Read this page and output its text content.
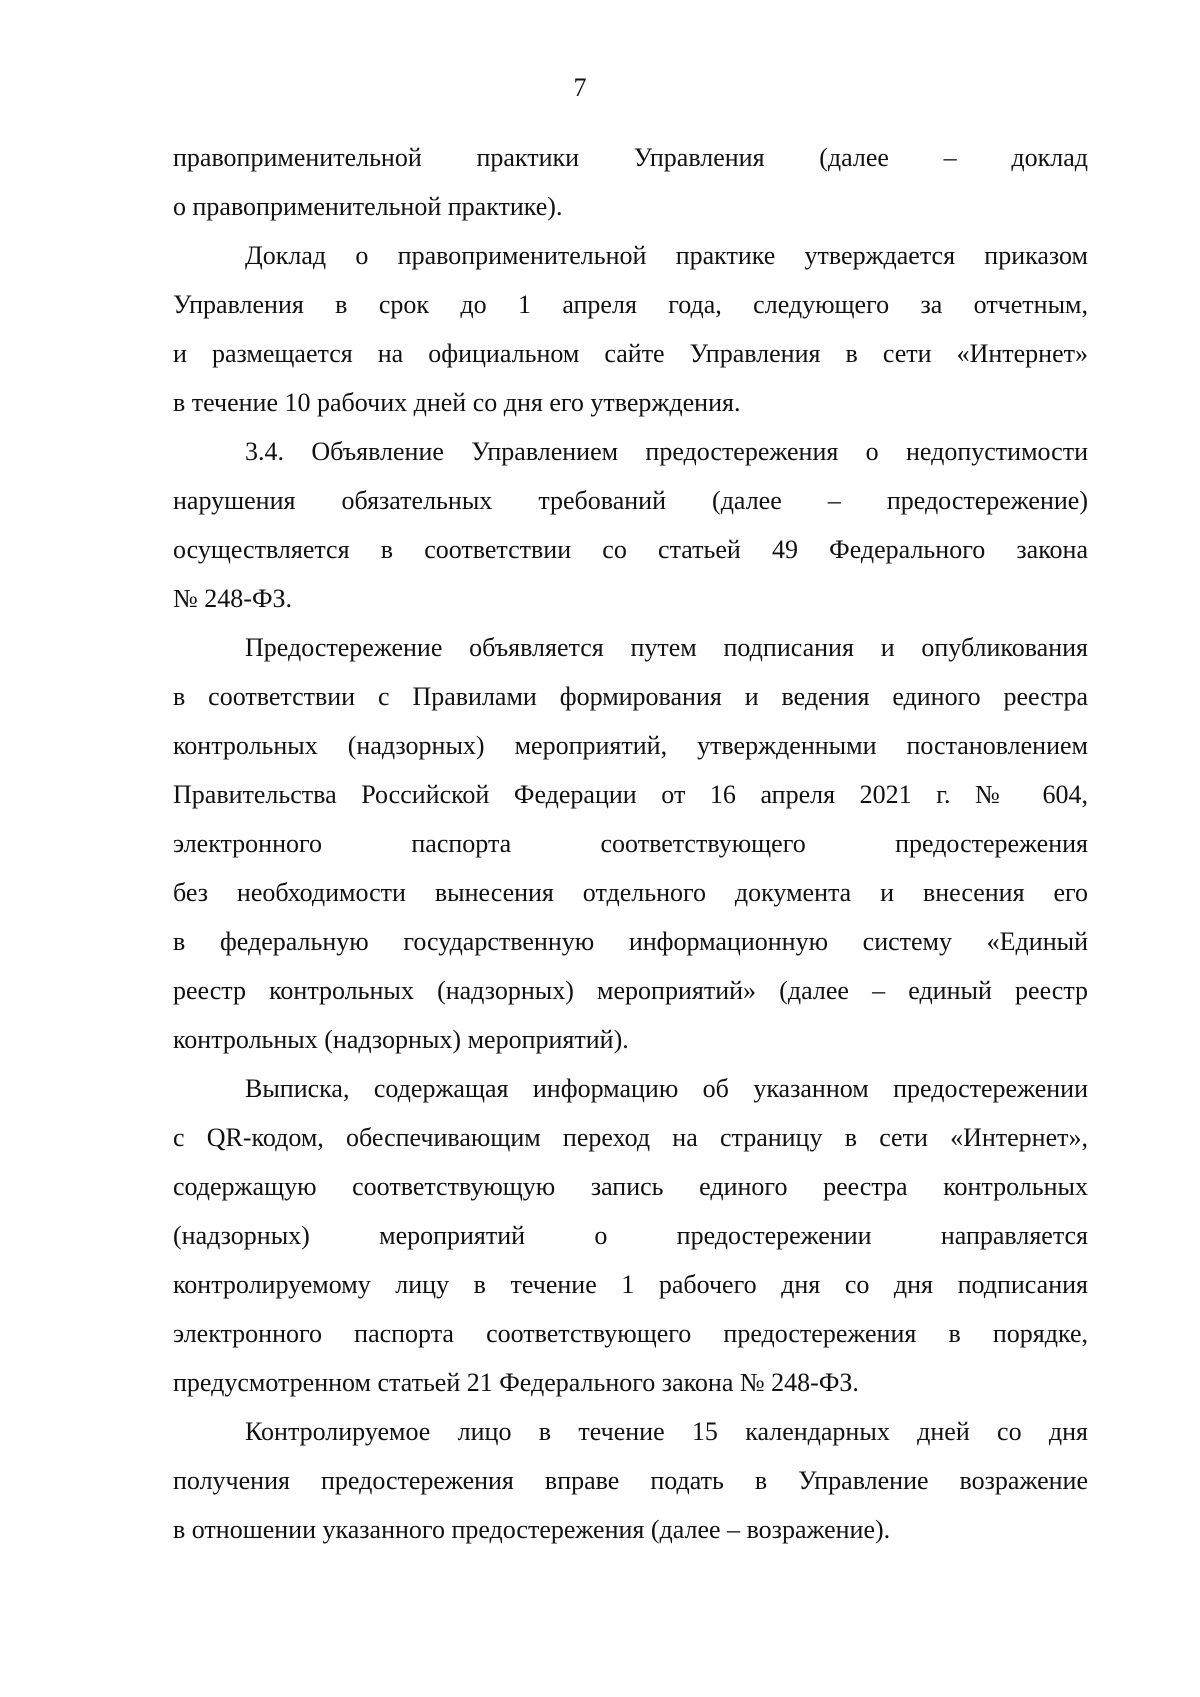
7
правоприменительной практики Управления (далее – доклад
о правоприменительной практике).
Доклад о правоприменительной практике утверждается приказом
Управления в срок до 1 апреля года, следующего за отчетным,
и размещается на официальном сайте Управления в сети «Интернет»
в течение 10 рабочих дней со дня его утверждения.
3.4. Объявление Управлением предостережения о недопустимости
нарушения обязательных требований (далее – предостережение)
осуществляется в соответствии со статьей 49 Федерального закона
№ 248-ФЗ.
Предостережение объявляется путем подписания и опубликования
в соответствии с Правилами формирования и ведения единого реестра
контрольных (надзорных) мероприятий, утвержденными постановлением
Правительства Российской Федерации от 16 апреля 2021 г. № 604,
электронного паспорта соответствующего предостережения
без необходимости вынесения отдельного документа и внесения его
в федеральную государственную информационную систему «Единый
реестр контрольных (надзорных) мероприятий» (далее – единый реестр
контрольных (надзорных) мероприятий).
Выписка, содержащая информацию об указанном предостережении
с QR-кодом, обеспечивающим переход на страницу в сети «Интернет»,
содержащую соответствующую запись единого реестра контрольных
(надзорных) мероприятий о предостережении направляется
контролируемому лицу в течение 1 рабочего дня со дня подписания
электронного паспорта соответствующего предостережения в порядке,
предусмотренном статьей 21 Федерального закона № 248-ФЗ.
Контролируемое лицо в течение 15 календарных дней со дня
получения предостережения вправе подать в Управление возражение
в отношении указанного предостережения (далее – возражение).
